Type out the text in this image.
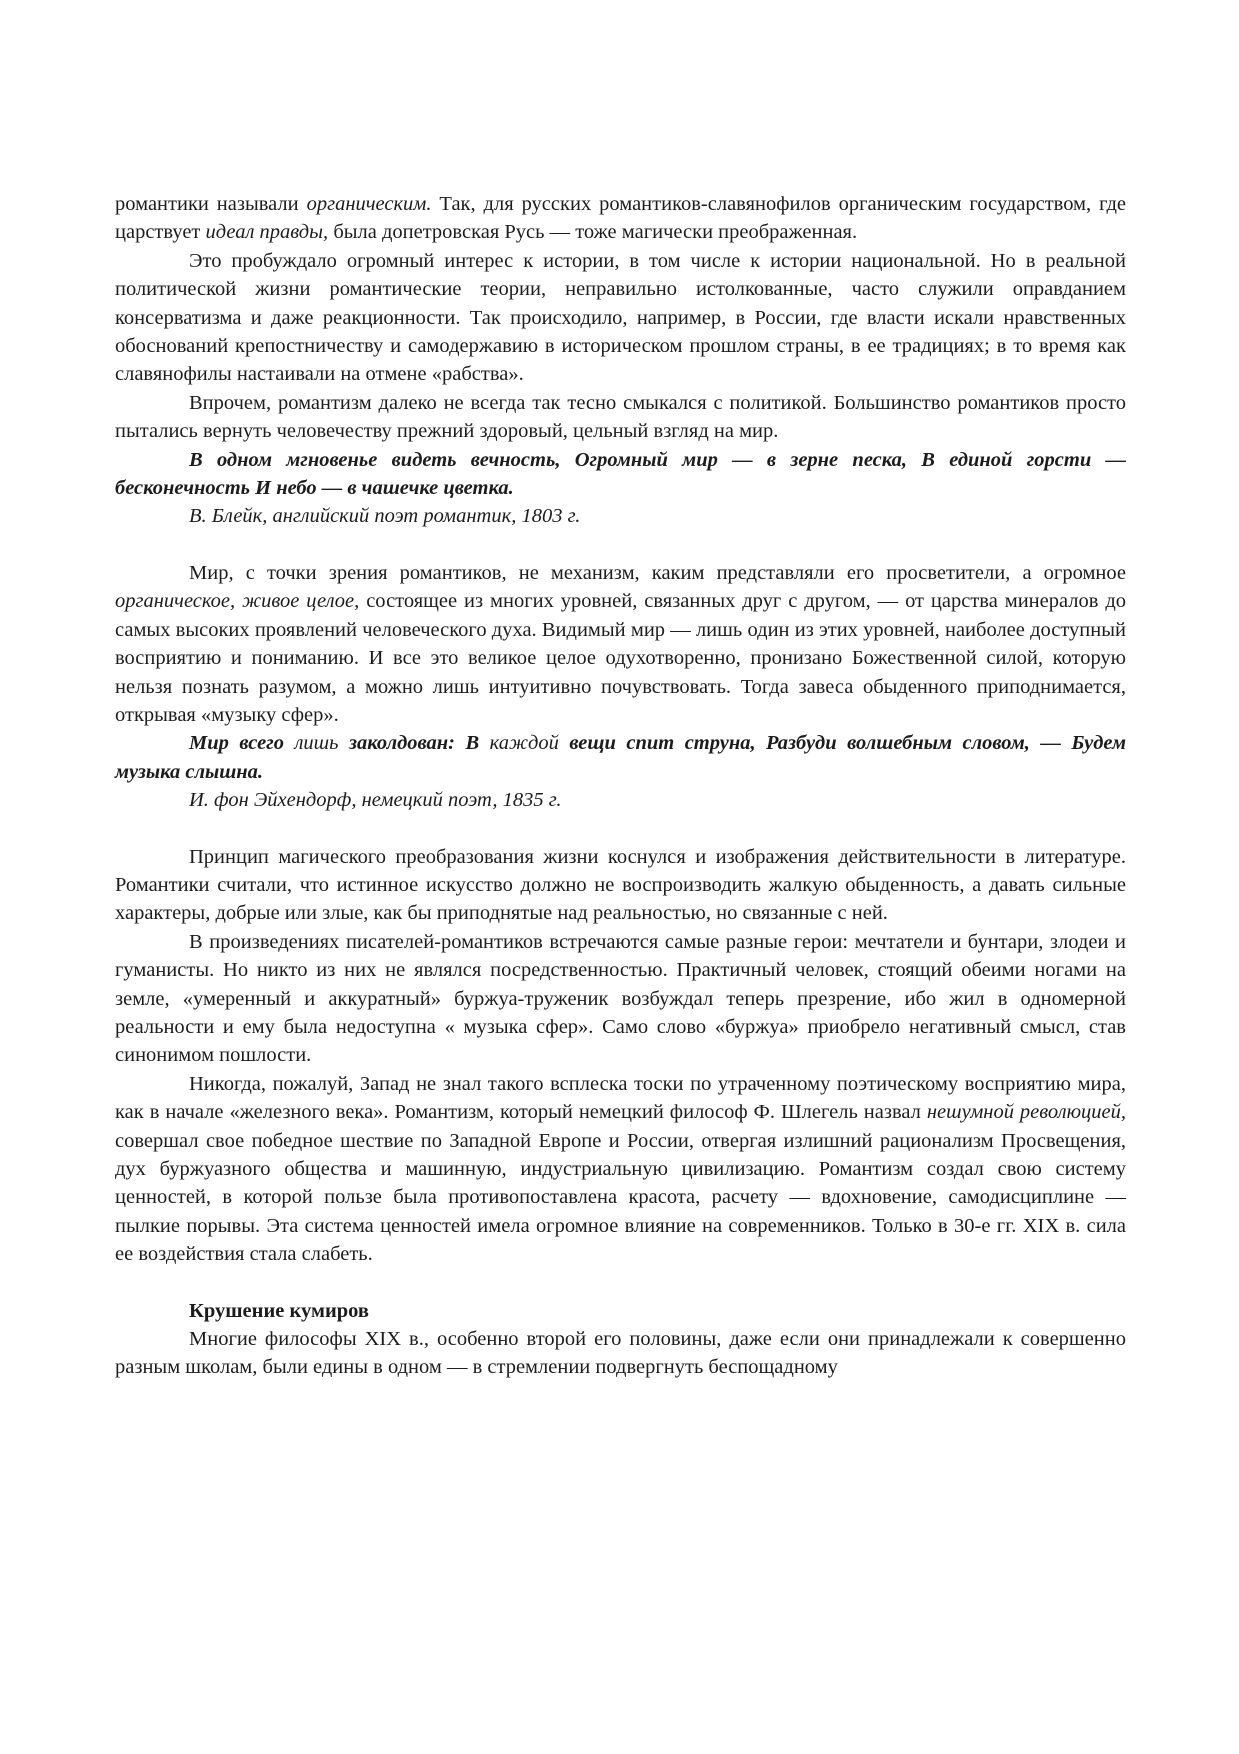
романтики называли органическим. Так, для русских романтиков-славянофилов органическим государством, где царствует идеал правды, была допетровская Русь — тоже магически преображенная.

Это пробуждало огромный интерес к истории, в том числе к истории национальной. Но в реальной политической жизни романтические теории, неправильно истолкованные, часто служили оправданием консерватизма и даже реакционности. Так происходило, например, в России, где власти искали нравственных обоснований крепостничеству и самодержавию в историческом прошлом страны, в ее традициях; в то время как славянофилы настаивали на отмене «рабства».

Впрочем, романтизм далеко не всегда так тесно смыкался с политикой. Большинство романтиков просто пытались вернуть человечеству прежний здоровый, цельный взгляд на мир.

В одном мгновенье видеть вечность, Огромный мир — в зерне песка, В единой горсти — бесконечность И небо — в чашечке цветка.

В. Блейк, английский поэт романтик, 1803 г.

Мир, с точки зрения романтиков, не механизм, каким представляли его просветители, а огромное органическое, живое целое, состоящее из многих уровней, связанных друг с другом, — от царства минералов до самых высоких проявлений человеческого духа. Видимый мир — лишь один из этих уровней, наиболее доступный восприятию и пониманию. И все это великое целое одухотворенно, пронизано Божественной силой, которую нельзя познать разумом, а можно лишь интуитивно почувствовать. Тогда завеса обыденного приподнимается, открывая «музыку сфер».

Мир всего лишь заколдован: В каждой вещи спит струна, Разбуди волшебным словом, — Будем музыка слышна.

И. фон Эйхендорф, немецкий поэт, 1835 г.

Принцип магического преобразования жизни коснулся и изображения действительности в литературе. Романтики считали, что истинное искусство должно не воспроизводить жалкую обыденность, а давать сильные характеры, добрые или злые, как бы приподнятые над реальностью, но связанные с ней.

В произведениях писателей-романтиков встречаются самые разные герои: мечтатели и бунтари, злодеи и гуманисты. Но никто из них не являлся посредственностью. Практичный человек, стоящий обеими ногами на земле, «умеренный и аккуратный» буржуа-труженик возбуждал теперь презрение, ибо жил в одномерной реальности и ему была недоступна « музыка сфер». Само слово «буржуа» приобрело негативный смысл, став синонимом пошлости.

Никогда, пожалуй, Запад не знал такого всплеска тоски по утраченному поэтическому восприятию мира, как в начале «железного века». Романтизм, который немецкий философ Ф. Шлегель назвал нешумной революцией, совершал свое победное шествие по Западной Европе и России, отвергая излишний рационализм Просвещения, дух буржуазного общества и машинную, индустриальную цивилизацию. Романтизм создал свою систему ценностей, в которой пользе была противопоставлена красота, расчету — вдохновение, самодисциплине — пылкие порывы. Эта система ценностей имела огромное влияние на современников. Только в 30-е гг. XIX в. сила ее воздействия стала слабеть.

Крушение кумиров

Многие философы XIX в., особенно второй его половины, даже если они принадлежали к совершенно разным школам, были едины в одном — в стремлении подвергнуть беспощадному
